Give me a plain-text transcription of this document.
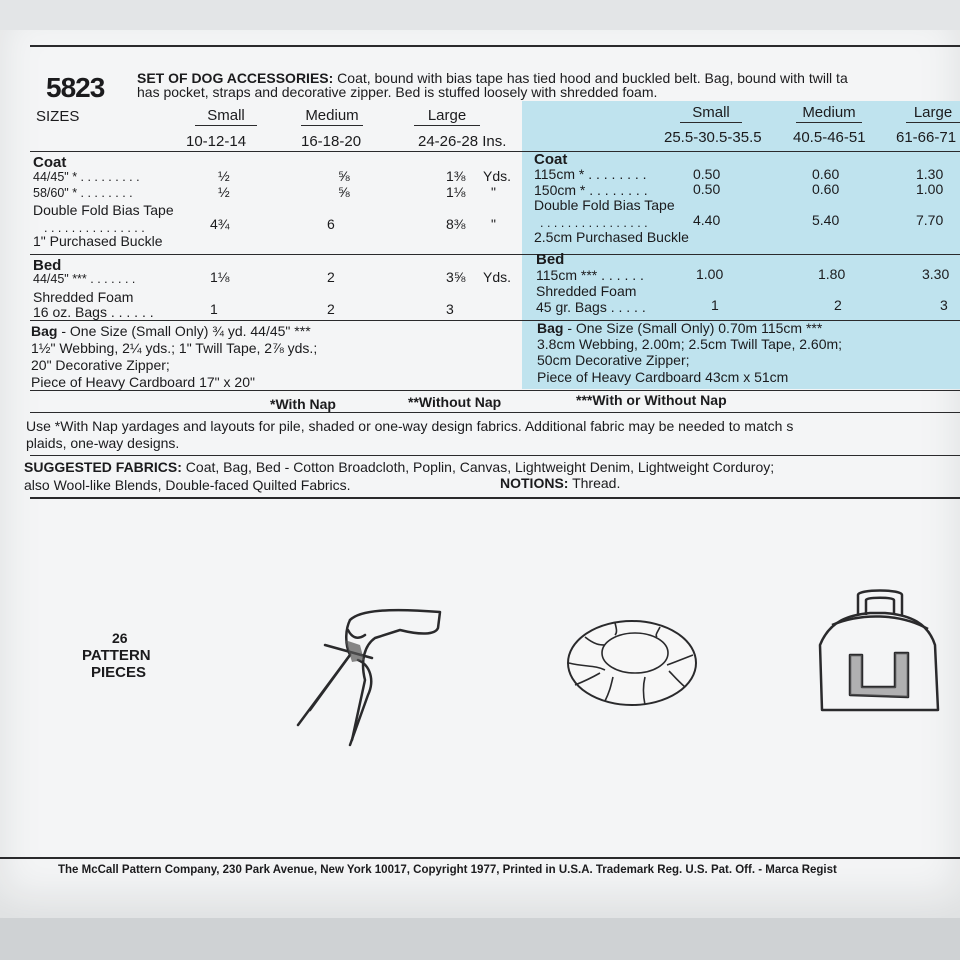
5823 SET OF DOG ACCESSORIES: Coat, bound with bias tape has tied hood and buckled belt. Bag, bound with twill ta
has pocket, straps and decorative zipper. Bed is stuffed loosely with shredded foam.
SIZES	Small	Medium	Large
10-12-14	16-18-20	24-26-28 Ins.
Small	Medium	Large
25.5-30.5-35.5 40.5-46-51 61-66-71
Coat
44/45" * . . . . . . . . .	½	⅝	1⅜ Yds.
58/60" * . . . . . . . .	½	⅝	1⅛ "
Double Fold Bias Tape
. . . . . . . . . . . . . . .	4¾	6	8⅜ "
1" Purchased Buckle
Bed
44/45" *** . . . . . . .	1⅛	2	3⅝ Yds.
Shredded Foam
16 oz. Bags . . . . . .	1	2	3
Bag - One Size (Small Only) ¾ yd. 44/45" ***
1½" Webbing, 2¼ yds.; 1" Twill Tape, 2⅞ yds.;
20" Decorative Zipper;
Piece of Heavy Cardboard 17" x 20"
Coat
115cm * . . . . . . . .	0.50	0.60	1.30
150cm * . . . . . . . .	0.50	0.60	1.00
Double Fold Bias Tape
. . . . . . . . . . . . . . . .	4.40	5.40	7.70
2.5cm Purchased Buckle
Bed
115cm *** . . . . . .	1.00	1.80	3.30
Shredded Foam
45 gr. Bags . . . . .	1	2	3
Bag - One Size (Small Only) 0.70m 115cm ***
3.8cm Webbing, 2.00m; 2.5cm Twill Tape, 2.60m;
50cm Decorative Zipper;
Piece of Heavy Cardboard 43cm x 51cm
*With Nap	**Without Nap	***With or Without Nap
Use *With Nap yardages and layouts for pile, shaded or one-way design fabrics. Additional fabric may be needed to match s
plaids, one-way designs.
SUGGESTED FABRICS: Coat, Bag, Bed - Cotton Broadcloth, Poplin, Canvas, Lightweight Denim, Lightweight Corduroy;
also Wool-like Blends, Double-faced Quilted Fabrics.	NOTIONS: Thread.
26
PATTERN
PIECES
The McCall Pattern Company, 230 Park Avenue, New York 10017, Copyright 1977, Printed in U.S.A. Trademark Reg. U.S. Pat. Off. - Marca Regist
